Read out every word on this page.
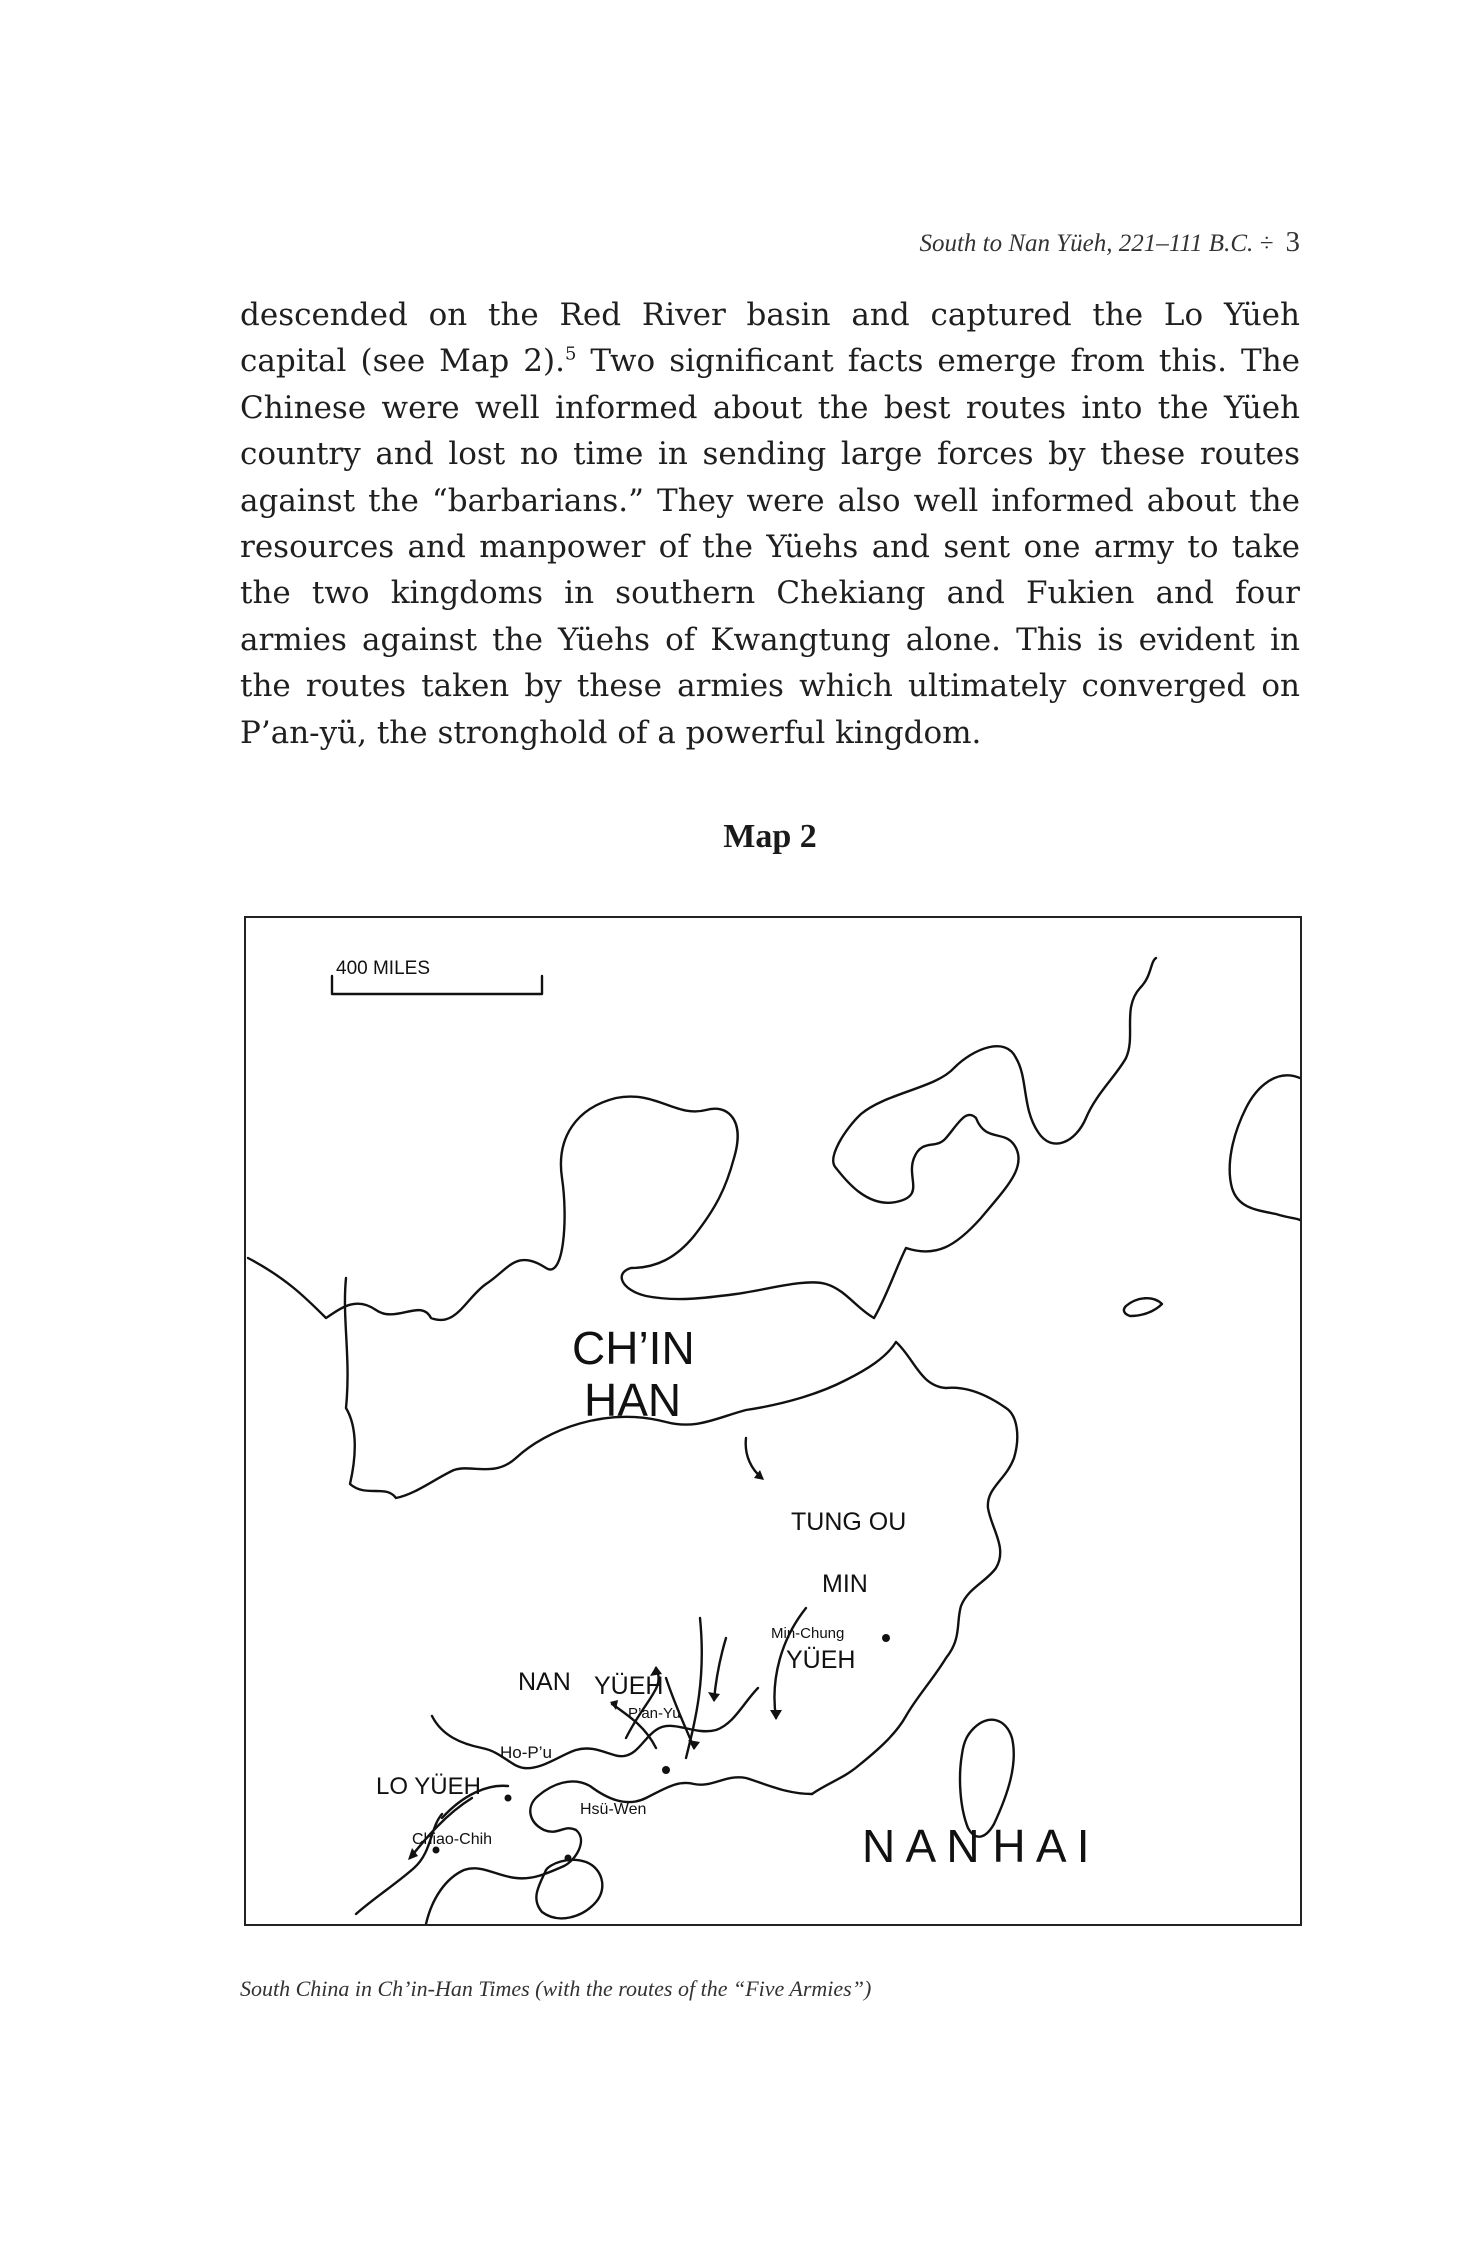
South to Nan Yüeh, 221–111 B.C. ÷ 3

descended on the Red River basin and captured the Lo Yüeh capital (see Map 2).$^5$ Two significant facts emerge from this. The Chinese were well informed about the best routes into the Yüeh country and lost no time in sending large forces by these routes against the “barbarians.” They were also well informed about the resources and manpower of the Yüehs and sent one army to take the two kingdoms in southern Chekiang and Fukien and four armies against the Yüehs of Kwangtung alone. This is evident in the routes taken by these armies which ultimately converged on P’an-yü, the stronghold of a powerful kingdom.

Map 2
400 MILES
CH’IN
HAN
TUNG OU
MIN
Min-Chung
YÜEH
NAN YÜEH
P’an-Yu
Ho-P’u
LO YÜEH
Chiao-Chih
Hsü-Wen
N A N H A I
South China in Ch’in-Han Times (with the routes of the “Five Armies”)
